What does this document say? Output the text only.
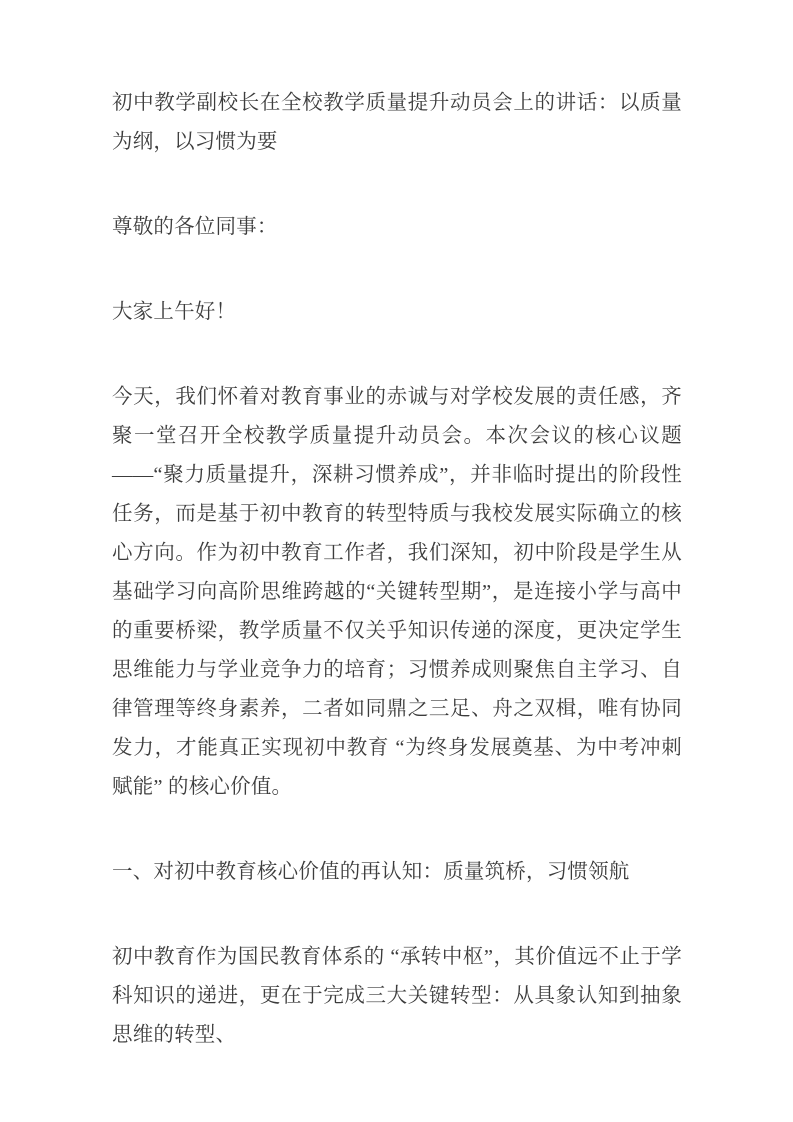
初中教学副校长在全校教学质量提升动员会上的讲话：以质量为纲，以习惯为要

尊敬的各位同事：

大家上午好！

今天，我们怀着对教育事业的赤诚与对学校发展的责任感，齐聚一堂召开全校教学质量提升动员会。本次会议的核心议题 ——“聚力质量提升，深耕习惯养成”，并非临时提出的阶段性任务，而是基于初中教育的转型特质与我校发展实际确立的核心方向。作为初中教育工作者，我们深知，初中阶段是学生从基础学习向高阶思维跨越的“关键转型期”，是连接小学与高中的重要桥梁，教学质量不仅关乎知识传递的深度，更决定学生思维能力与学业竞争力的培育；习惯养成则聚焦自主学习、自律管理等终身素养，二者如同鼎之三足、舟之双楫，唯有协同发力，才能真正实现初中教育 “为终身发展奠基、为中考冲刺赋能” 的核心价值。

一、对初中教育核心价值的再认知：质量筑桥，习惯领航

初中教育作为国民教育体系的 “承转中枢”，其价值远不止于学科知识的递进，更在于完成三大关键转型：从具象认知到抽象思维的转型、
